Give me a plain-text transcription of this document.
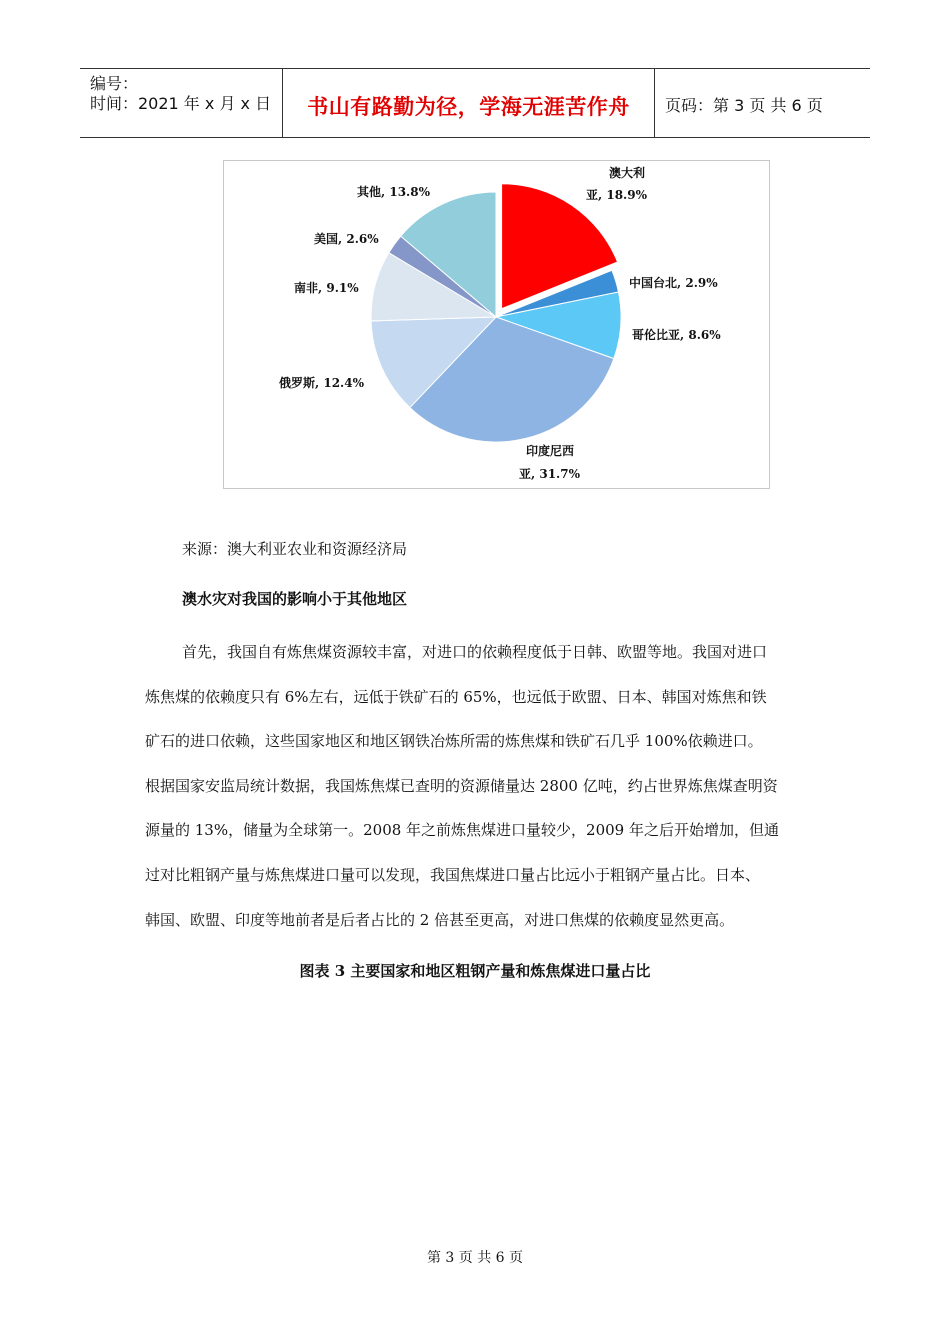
编号：
时间：2021 年 x 月 x 日	书山有路勤为径，学海无涯苦作舟	页码：第 3 页 共 6 页
澳大利
亚, 18.9%
中国台北, 2.9%
哥伦比亚, 8.6%
印度尼西
亚, 31.7%
俄罗斯, 12.4%
南非, 9.1%
美国, 2.6%
其他, 13.8%
来源：澳大利亚农业和资源经济局
澳水灾对我国的影响小于其他地区
首先，我国自有炼焦煤资源较丰富，对进口的依赖程度低于日韩、欧盟等地。我国对进口
炼焦煤的依赖度只有 6%左右，远低于铁矿石的 65%，也远低于欧盟、日本、韩国对炼焦和铁
矿石的进口依赖，这些国家地区和地区钢铁冶炼所需的炼焦煤和铁矿石几乎 100%依赖进口。
根据国家安监局统计数据，我国炼焦煤已查明的资源储量达 2800 亿吨，约占世界炼焦煤查明资
源量的 13%，储量为全球第一。2008 年之前炼焦煤进口量较少，2009 年之后开始增加，但通
过对比粗钢产量与炼焦煤进口量可以发现，我国焦煤进口量占比远小于粗钢产量占比。日本、
韩国、欧盟、印度等地前者是后者占比的 2 倍甚至更高，对进口焦煤的依赖度显然更高。
图表 3 主要国家和地区粗钢产量和炼焦煤进口量占比
第 3 页 共 6 页
